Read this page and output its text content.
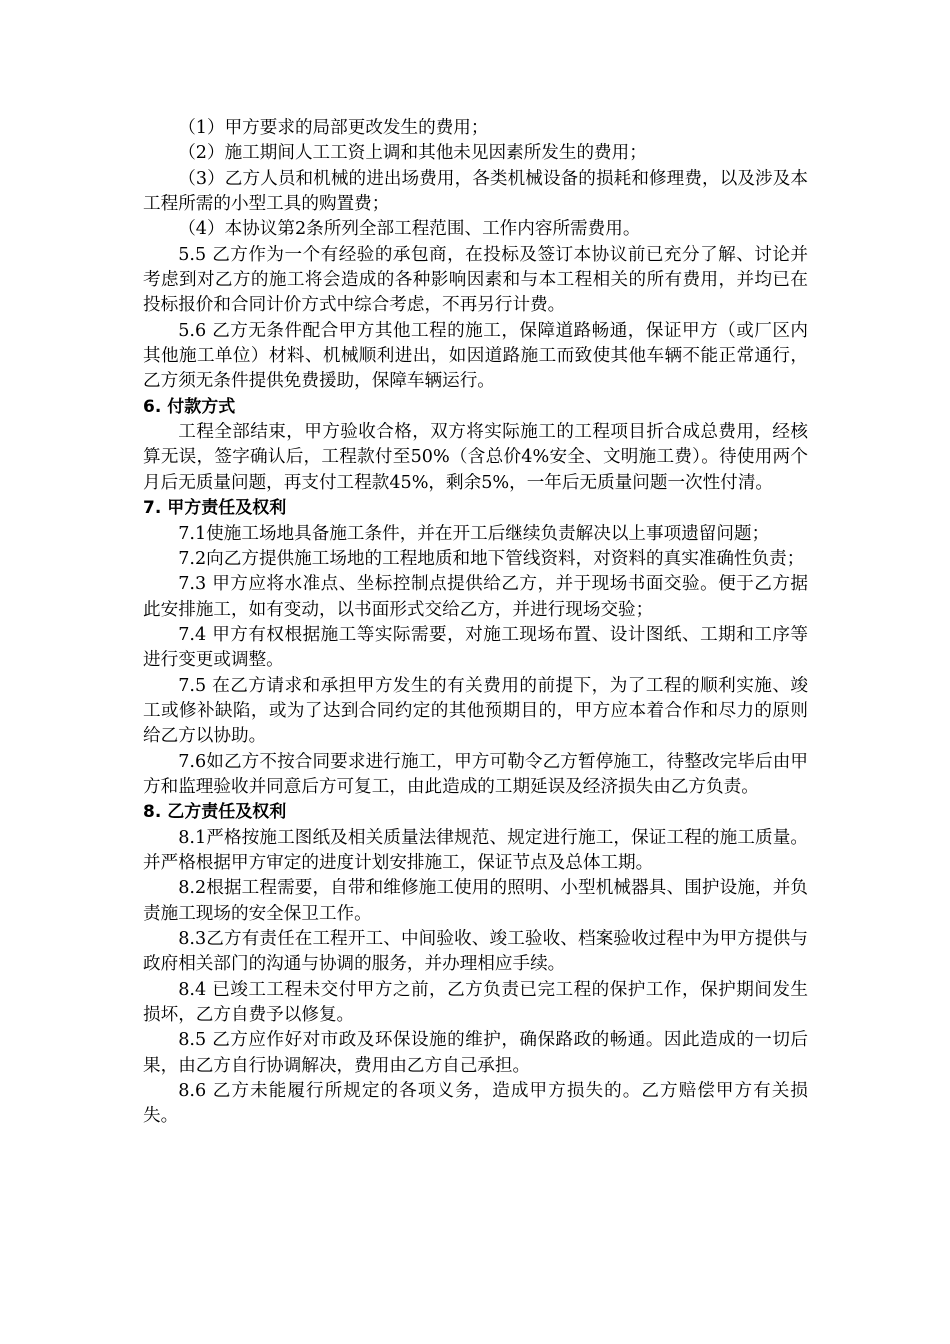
（1）甲方要求的局部更改发生的费用；

（2）施工期间人工工资上调和其他未见因素所发生的费用；

（3）乙方人员和机械的进出场费用，各类机械设备的损耗和修理费，以及涉及本工程所需的小型工具的购置费；

（4）本协议第2条所列全部工程范围、工作内容所需费用。

5.5 乙方作为一个有经验的承包商，在投标及签订本协议前已充分了解、讨论并考虑到对乙方的施工将会造成的各种影响因素和与本工程相关的所有费用，并均已在投标报价和合同计价方式中综合考虑，不再另行计费。

5.6 乙方无条件配合甲方其他工程的施工，保障道路畅通，保证甲方（或厂区内其他施工单位）材料、机械顺利进出，如因道路施工而致使其他车辆不能正常通行，乙方须无条件提供免费援助，保障车辆运行。

6. 付款方式

工程全部结束，甲方验收合格，双方将实际施工的工程项目折合成总费用，经核算无误，签字确认后，工程款付至50%（含总价4%安全、文明施工费）。待使用两个月后无质量问题，再支付工程款45%，剩余5%，一年后无质量问题一次性付清。

7. 甲方责任及权利

7.1使施工场地具备施工条件，并在开工后继续负责解决以上事项遗留问题；

7.2向乙方提供施工场地的工程地质和地下管线资料，对资料的真实准确性负责；

7.3 甲方应将水准点、坐标控制点提供给乙方，并于现场书面交验。便于乙方据此安排施工，如有变动，以书面形式交给乙方，并进行现场交验；

7.4 甲方有权根据施工等实际需要，对施工现场布置、设计图纸、工期和工序等进行变更或调整。

7.5 在乙方请求和承担甲方发生的有关费用的前提下，为了工程的顺利实施、竣工或修补缺陷，或为了达到合同约定的其他预期目的，甲方应本着合作和尽力的原则给乙方以协助。

7.6如乙方不按合同要求进行施工，甲方可勒令乙方暂停施工，待整改完毕后由甲方和监理验收并同意后方可复工，由此造成的工期延误及经济损失由乙方负责。

8. 乙方责任及权利

8.1严格按施工图纸及相关质量法律规范、规定进行施工，保证工程的施工质量。并严格根据甲方审定的进度计划安排施工，保证节点及总体工期。

8.2根据工程需要，自带和维修施工使用的照明、小型机械器具、围护设施，并负责施工现场的安全保卫工作。

8.3乙方有责任在工程开工、中间验收、竣工验收、档案验收过程中为甲方提供与政府相关部门的沟通与协调的服务，并办理相应手续。

8.4 已竣工工程未交付甲方之前，乙方负责已完工程的保护工作，保护期间发生损坏，乙方自费予以修复。

8.5 乙方应作好对市政及环保设施的维护，确保路政的畅通。因此造成的一切后果，由乙方自行协调解决，费用由乙方自己承担。

8.6 乙方未能履行所规定的各项义务，造成甲方损失的。乙方赔偿甲方有关损失。
